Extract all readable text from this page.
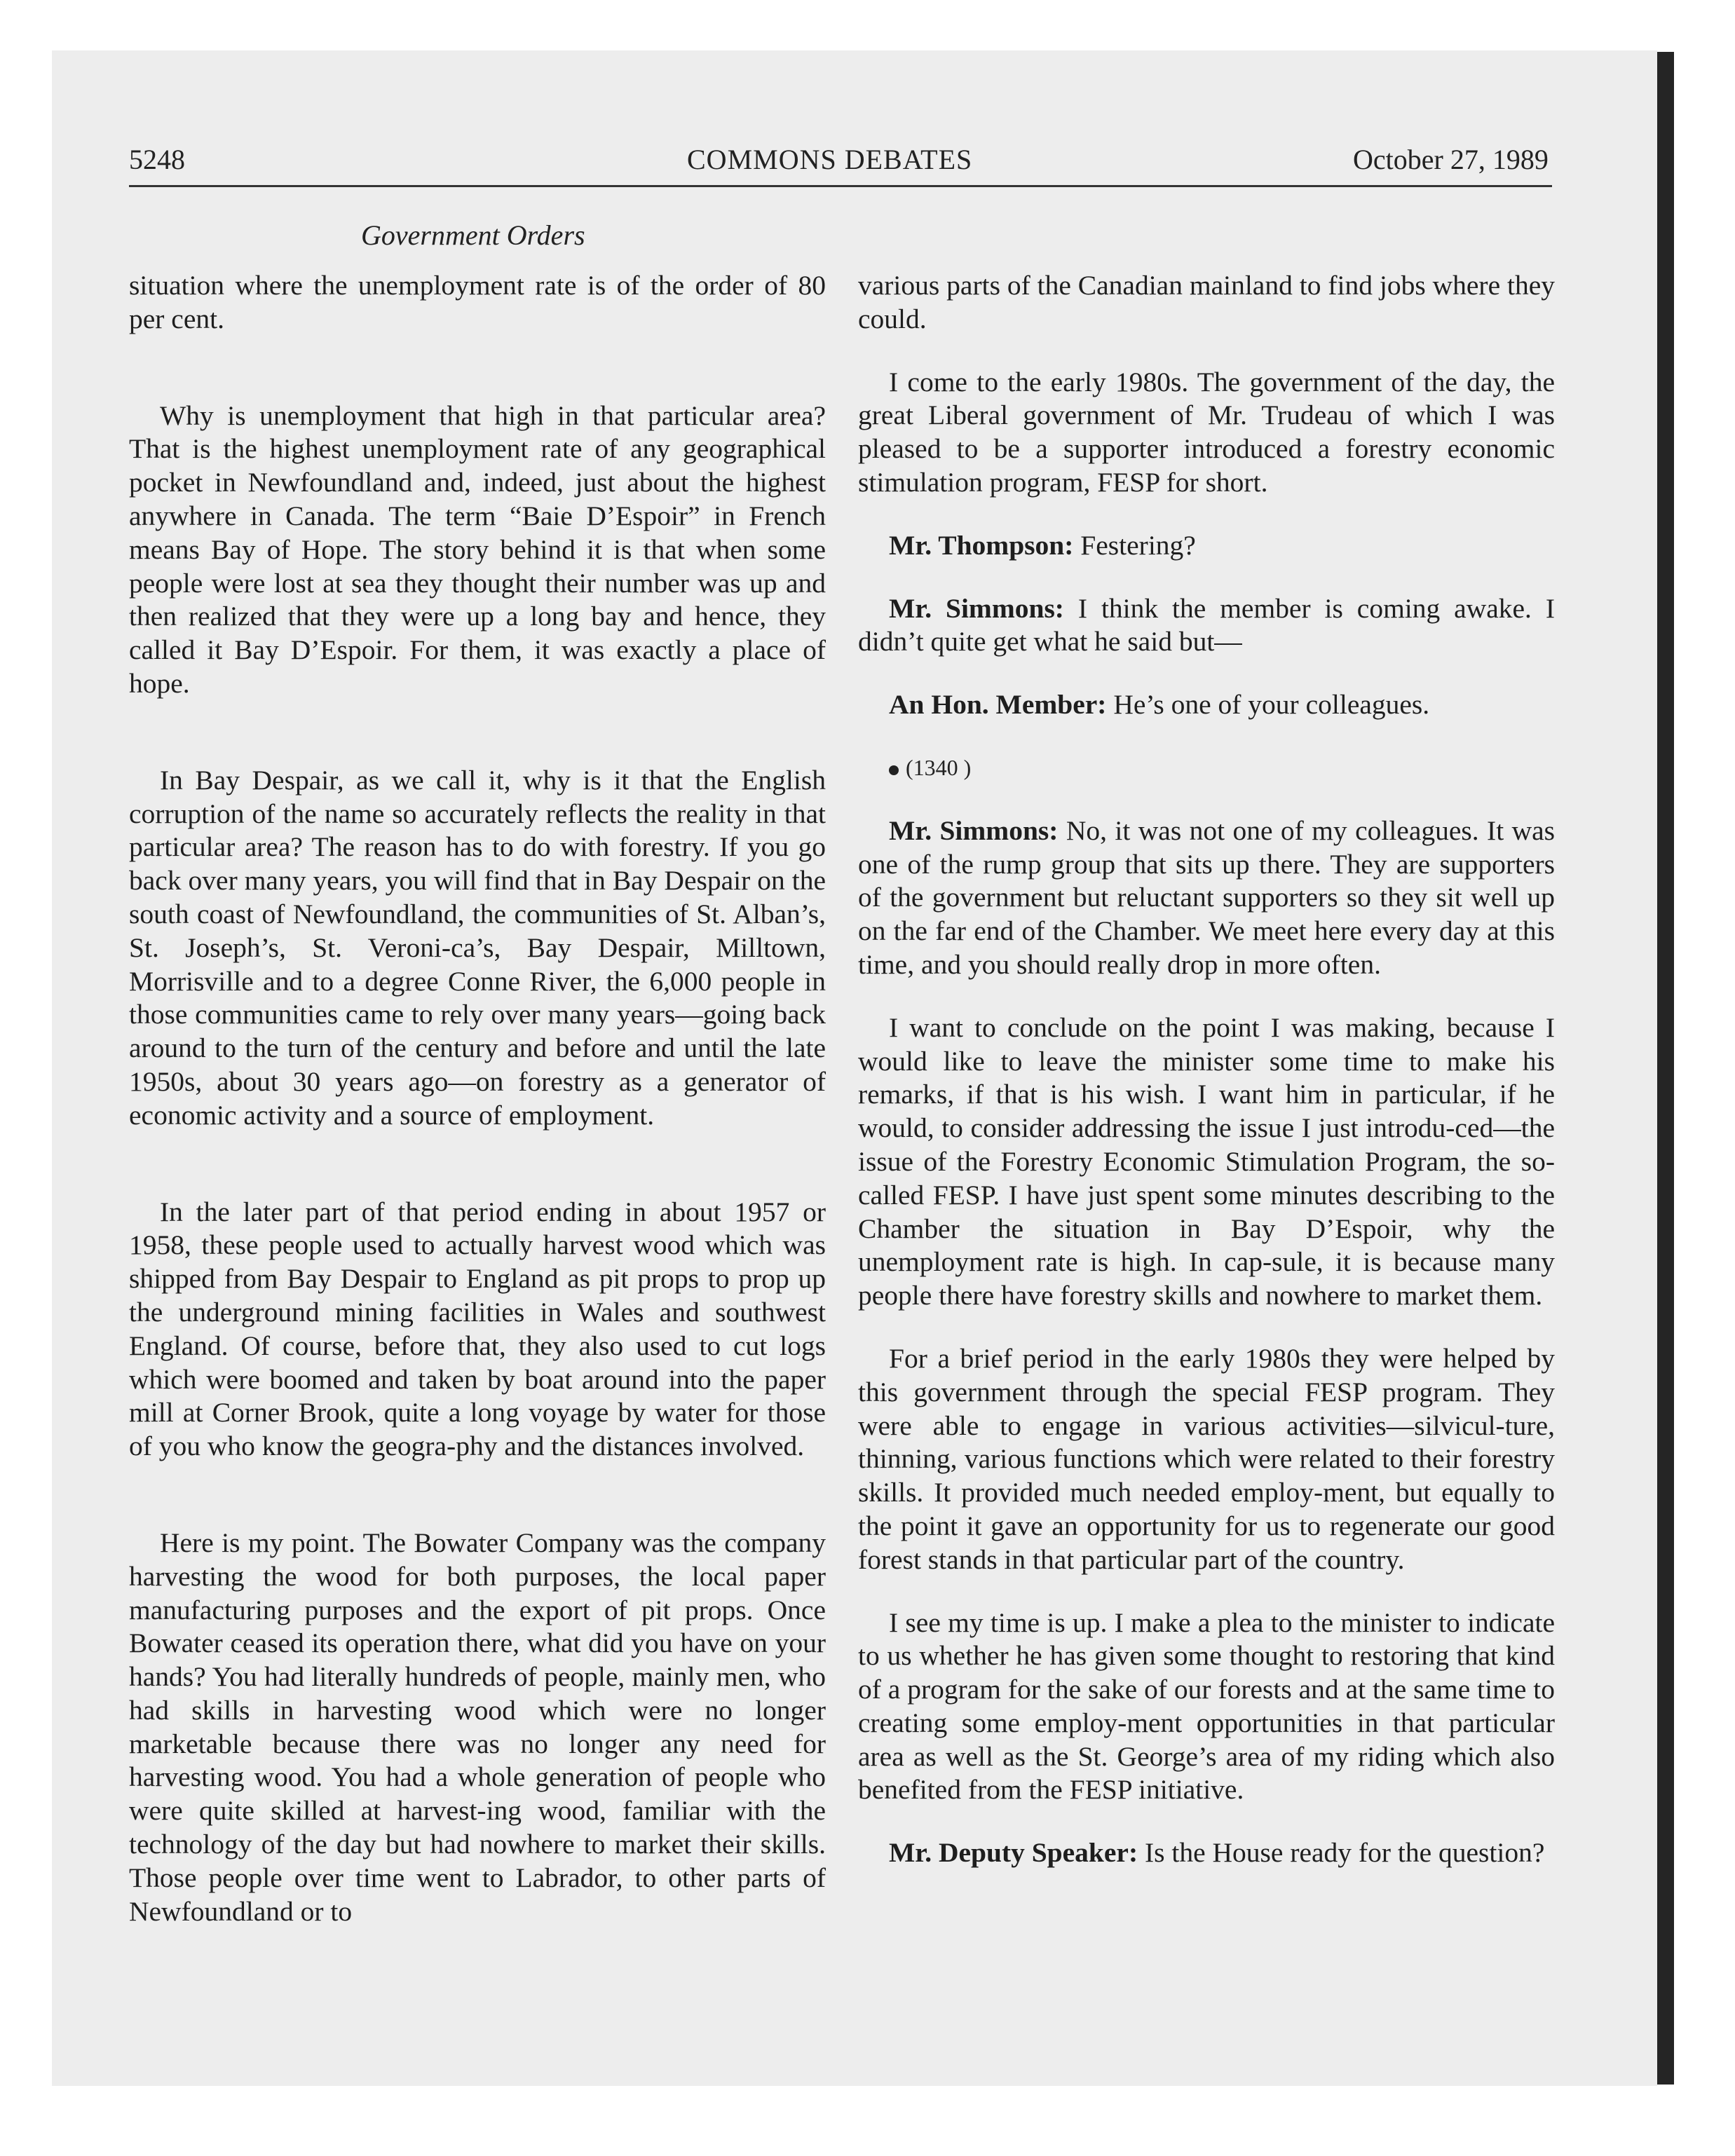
5248	COMMONS DEBATES	October 27, 1989
Government Orders

situation where the unemployment rate is of the order of 80 per cent.

Why is unemployment that high in that particular area? That is the highest unemployment rate of any geographical pocket in Newfoundland and, indeed, just about the highest anywhere in Canada. The term “Baie D’Espoir” in French means Bay of Hope. The story behind it is that when some people were lost at sea they thought their number was up and then realized that they were up a long bay and hence, they called it Bay D’Espoir. For them, it was exactly a place of hope.

In Bay Despair, as we call it, why is it that the English corruption of the name so accurately reflects the reality in that particular area? The reason has to do with forestry. If you go back over many years, you will find that in Bay Despair on the south coast of Newfoundland, the communities of St. Alban’s, St. Joseph’s, St. Veroni-ca’s, Bay Despair, Milltown, Morrisville and to a degree Conne River, the 6,000 people in those communities came to rely over many years—going back around to the turn of the century and before and until the late 1950s, about 30 years ago—on forestry as a generator of economic activity and a source of employment.

In the later part of that period ending in about 1957 or 1958, these people used to actually harvest wood which was shipped from Bay Despair to England as pit props to prop up the underground mining facilities in Wales and southwest England. Of course, before that, they also used to cut logs which were boomed and taken by boat around into the paper mill at Corner Brook, quite a long voyage by water for those of you who know the geogra-phy and the distances involved.

Here is my point. The Bowater Company was the company harvesting the wood for both purposes, the local paper manufacturing purposes and the export of pit props. Once Bowater ceased its operation there, what did you have on your hands? You had literally hundreds of people, mainly men, who had skills in harvesting wood which were no longer marketable because there was no longer any need for harvesting wood. You had a whole generation of people who were quite skilled at harvest-ing wood, familiar with the technology of the day but had nowhere to market their skills. Those people over time went to Labrador, to other parts of Newfoundland or to

various parts of the Canadian mainland to find jobs where they could.

I come to the early 1980s. The government of the day, the great Liberal government of Mr. Trudeau of which I was pleased to be a supporter introduced a forestry economic stimulation program, FESP for short.

Mr. Thompson: Festering?

Mr. Simmons: I think the member is coming awake. I didn’t quite get what he said but—

An Hon. Member: He’s one of your colleagues.

(1340 )

Mr. Simmons: No, it was not one of my colleagues. It was one of the rump group that sits up there. They are supporters of the government but reluctant supporters so they sit well up on the far end of the Chamber. We meet here every day at this time, and you should really drop in more often.

I want to conclude on the point I was making, because I would like to leave the minister some time to make his remarks, if that is his wish. I want him in particular, if he would, to consider addressing the issue I just introdu-ced—the issue of the Forestry Economic Stimulation Program, the so-called FESP. I have just spent some minutes describing to the Chamber the situation in Bay D’Espoir, why the unemployment rate is high. In cap-sule, it is because many people there have forestry skills and nowhere to market them.

For a brief period in the early 1980s they were helped by this government through the special FESP program. They were able to engage in various activities—silvicul-ture, thinning, various functions which were related to their forestry skills. It provided much needed employ-ment, but equally to the point it gave an opportunity for us to regenerate our good forest stands in that particular part of the country.

I see my time is up. I make a plea to the minister to indicate to us whether he has given some thought to restoring that kind of a program for the sake of our forests and at the same time to creating some employ-ment opportunities in that particular area as well as the St. George’s area of my riding which also benefited from the FESP initiative.

Mr. Deputy Speaker: Is the House ready for the question?
